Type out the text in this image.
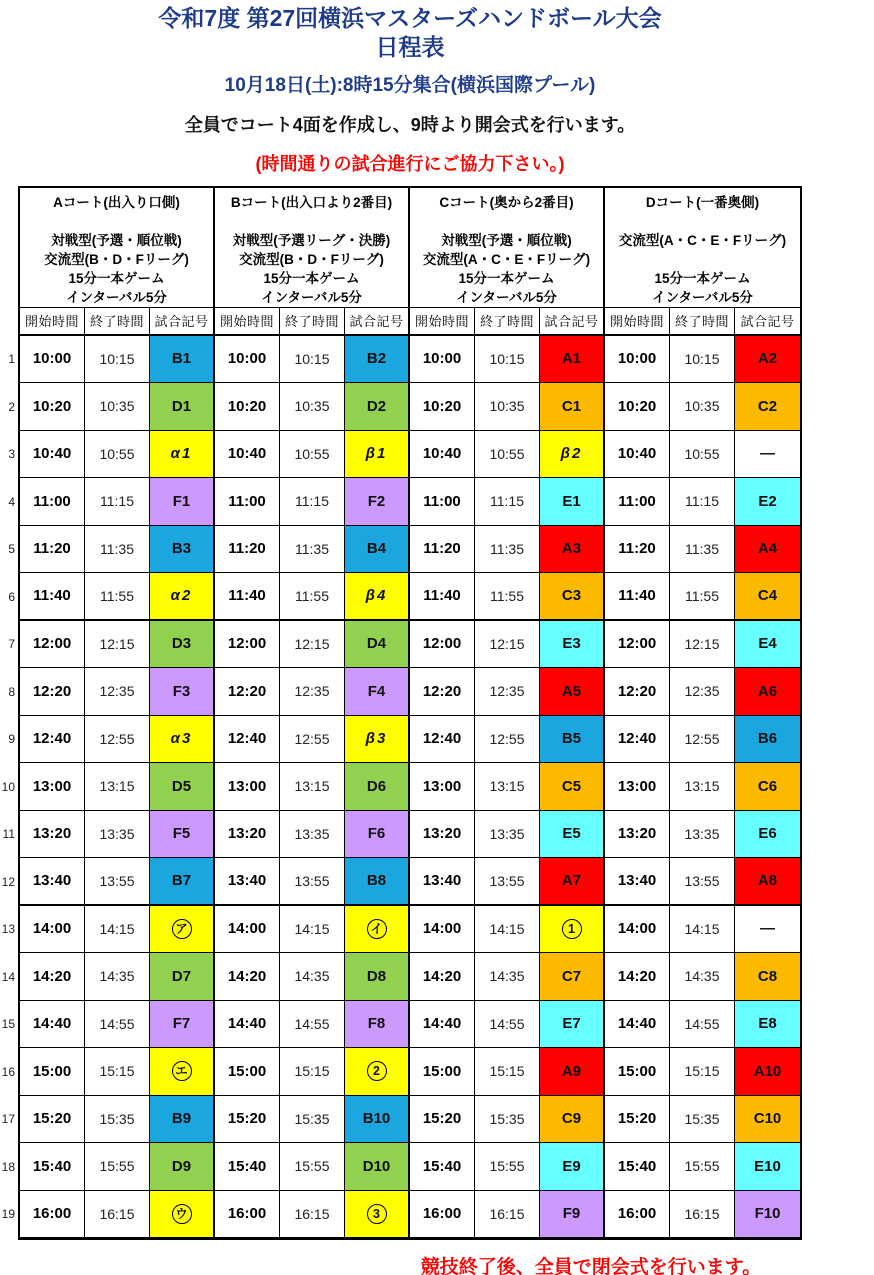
令和7度 第27回横浜マスターズハンドボール大会
日程表
10月18日(土):8時15分集合(横浜国際プール)
全員でコート4面を作成し、9時より開会式を行います。
(時間通りの試合進行にご協力下さい。)
1
2
3
4
5
6
7
8
9
10
11
12
13
14
15
16
17
18
19
Aコート(出入り口側)
対戦型(予選・順位戦)
交流型(B・D・Fリーグ)
15分一本ゲーム
インターバル5分
Bコート(出入口より2番目)
対戦型(予選リーグ・決勝)
交流型(B・D・Fリーグ)
15分一本ゲーム
インターバル5分
Cコート(奥から2番目)
対戦型(予選・順位戦)
交流型(A・C・E・Fリーグ)
15分一本ゲーム
インターバル5分
Dコート(一番奥側)
交流型(A・C・E・Fリーグ)
15分一本ゲーム
インターバル5分
開始時間 終了時間 試合記号 開始時間 終了時間 試合記号 開始時間 終了時間 試合記号 開始時間 終了時間 試合記号
10:00	10:15	B1	10:00	10:15	B2	10:00	10:15	A1	10:00	10:15	A2
10:20	10:35	D1	10:20	10:35	D2	10:20	10:35	C1	10:20	10:35	C2
10:40	10:55	α1	10:40	10:55	β1	10:40	10:55	β2	10:40	10:55	—
11:00	11:15	F1	11:00	11:15	F2	11:00	11:15	E1	11:00	11:15	E2
11:20	11:35	B3	11:20	11:35	B4	11:20	11:35	A3	11:20	11:35	A4
11:40	11:55	α2	11:40	11:55	β4	11:40	11:55	C3	11:40	11:55	C4
12:00	12:15	D3	12:00	12:15	D4	12:00	12:15	E3	12:00	12:15	E4
12:20	12:35	F3	12:20	12:35	F4	12:20	12:35	A5	12:20	12:35	A6
12:40	12:55	α3	12:40	12:55	β3	12:40	12:55	B5	12:40	12:55	B6
13:00	13:15	D5	13:00	13:15	D6	13:00	13:15	C5	13:00	13:15	C6
13:20	13:35	F5	13:20	13:35	F6	13:20	13:35	E5	13:20	13:35	E6
13:40	13:55	B7	13:40	13:55	B8	13:40	13:55	A7	13:40	13:55	A8
14:00	14:15	ア	14:00	14:15	イ	14:00	14:15	1	14:00	14:15	—
14:20	14:35	D7	14:20	14:35	D8	14:20	14:35	C7	14:20	14:35	C8
14:40	14:55	F7	14:40	14:55	F8	14:40	14:55	E7	14:40	14:55	E8
15:00	15:15	エ	15:00	15:15	2	15:00	15:15	A9	15:00	15:15	A10
15:20	15:35	B9	15:20	15:35	B10	15:20	15:35	C9	15:20	15:35	C10
15:40	15:55	D9	15:40	15:55	D10	15:40	15:55	E9	15:40	15:55	E10
16:00	16:15	ウ	16:00	16:15	3	16:00	16:15	F9	16:00	16:15	F10
競技終了後、全員で閉会式を行います。
